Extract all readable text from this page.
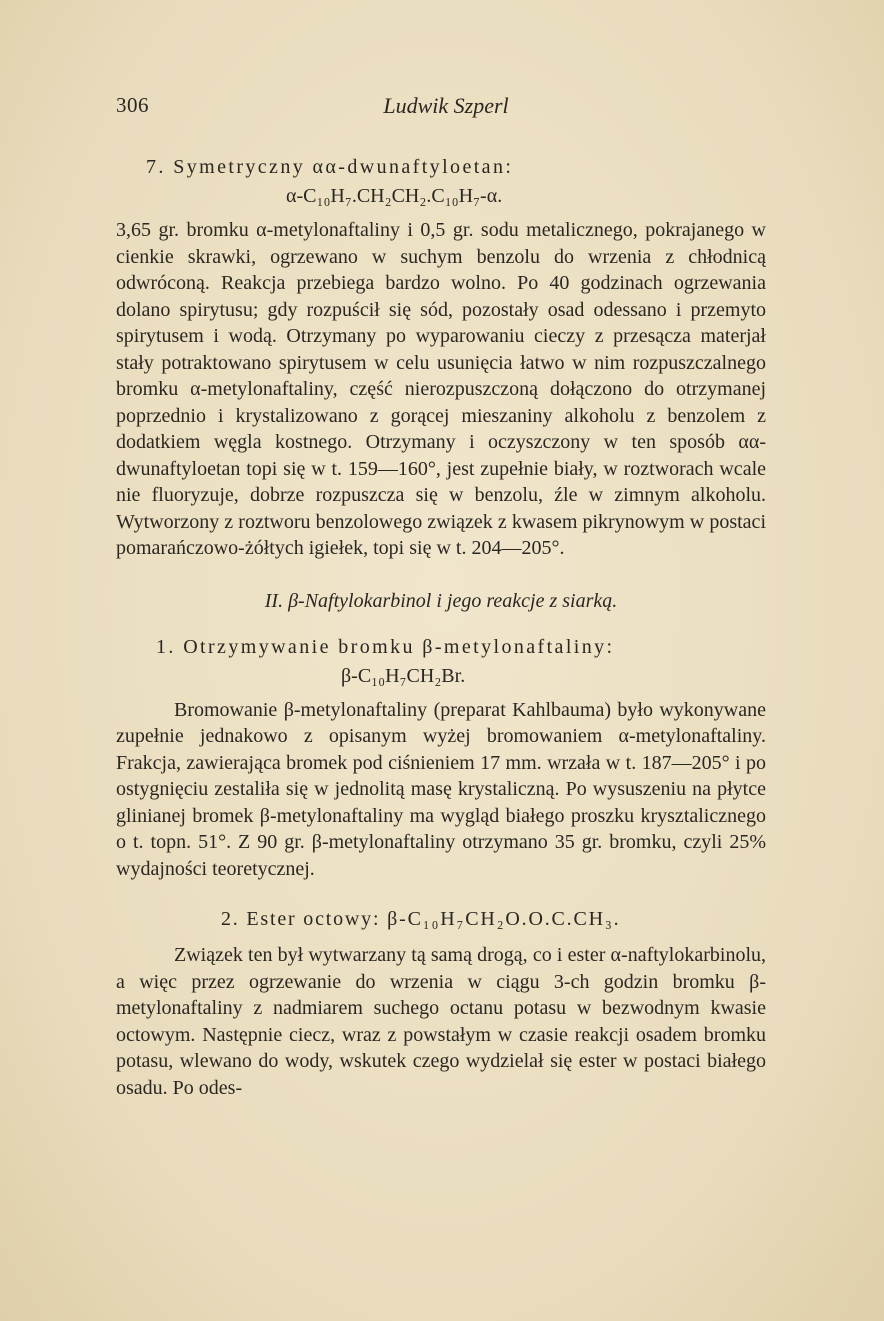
306	Ludwik Szperl

7. Symetryczny αα-dwunaftyloetan:

α-C₁₀H₇.CH₂CH₂.C₁₀H₇-α.

3,65 gr. bromku α-metylonaftaliny i 0,5 gr. sodu metalicznego, pokrajanego w cienkie skrawki, ogrzewano w suchym benzolu do wrzenia z chłodnicą odwróconą. Reakcja przebiega bardzo wolno. Po 40 godzinach ogrzewania dolano spirytusu; gdy rozpuścił się sód, pozostały osad odessano i przemyto spirytusem i wodą. Otrzymany po wyparowaniu cieczy z przesącza materjał stały potraktowano spirytusem w celu usunięcia łatwo w nim rozpuszczalnego bromku α-metylonaftaliny, część nierozpuszczoną dołączono do otrzymanej poprzednio i krystalizowano z gorącej mieszaniny alkoholu z benzolem z dodatkiem węgla kostnego. Otrzymany i oczyszczony w ten sposób αα-dwunaftyloetan topi się w t. 159—160°, jest zupełnie biały, w roztworach wcale nie fluoryzuje, dobrze rozpuszcza się w benzolu, źle w zimnym alkoholu. Wytworzony z roztworu benzolowego związek z kwasem pikrynowym w postaci pomarańczowo-żółtych igiełek, topi się w t. 204—205°.

II. β-Naftylokarbinol i jego reakcje z siarką.

1. Otrzymywanie bromku β-metylonaftaliny:

β-C₁₀H₇CH₂Br.

Bromowanie β-metylonaftaliny (preparat Kahlbauma) było wykonywane zupełnie jednakowo z opisanym wyżej bromowaniem α-metylonaftaliny. Frakcja, zawierająca bromek pod ciśnieniem 17 mm. wrzała w t. 187—205° i po ostygnięciu zestaliła się w jednolitą masę krystaliczną. Po wysuszeniu na płytce glinianej bromek β-metylonaftaliny ma wygląd białego proszku krysztalicznego o t. topn. 51°. Z 90 gr. β-metylonaftaliny otrzymano 35 gr. bromku, czyli 25% wydajności teoretycznej.

2. Ester octowy: β-C₁₀H₇CH₂O.O.C.CH₃.

Związek ten był wytwarzany tą samą drogą, co i ester α-naftylokarbinolu, a więc przez ogrzewanie do wrzenia w ciągu 3-ch godzin bromku β-metylonaftaliny z nadmiarem suchego octanu potasu w bezwodnym kwasie octowym. Następnie ciecz, wraz z powstałym w czasie reakcji osadem bromku potasu, wlewano do wody, wskutek czego wydzielał się ester w postaci białego osadu. Po odes-
